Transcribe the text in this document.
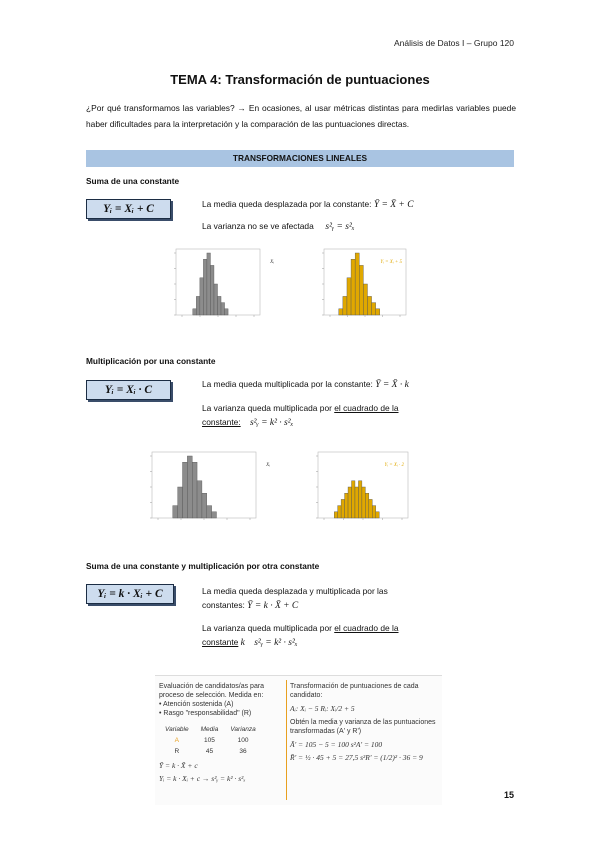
Análisis de Datos I – Grupo 120
TEMA 4: Transformación de puntuaciones
¿Por qué transformamos las variables? → En ocasiones, al usar métricas distintas para medirlas variables puede haber dificultades para la interpretación y la comparación de las puntuaciones directas.
TRANSFORMACIONES LINEALES
Suma de una constante
Yᵢ = Xᵢ + C	La media queda desplazada por la constante: Ȳ = X̄ + C
La varianza no se ve afectada s²ᵧ = s²ₓ
Xᵢ	Yᵢ = Xᵢ + 5
Multiplicación por una constante
Yᵢ = Xᵢ · C	La media queda multiplicada por la constante: Ȳ = X̄ · k
La varianza queda multiplicada por el cuadrado de la
constante: s²ᵧ = k² · s²ₓ
Xᵢ	Yᵢ = Xᵢ · 2
Suma de una constante y multiplicación por otra constante
Yᵢ = k · Xᵢ + C	La media queda desplazada y multiplicada por las
constantes: Ȳ = k · X̄ + C
La varianza queda multiplicada por el cuadrado de la
constante k s²ᵧ = k² · s²ₓ
Evaluación de candidatos/as para proceso de selección. Medida en:
• Atención sostenida (A)
• Rasgo "responsabilidad" (R)
Variable	Media	Varianza
A	105	100
R	45	36
Ȳ = k · X̄ + c
Yᵢ = k · Xᵢ + c → s²ᵧ = k² · s²ₓ
Transformación de puntuaciones de cada candidato:
Aᵢ: Xᵢ − 5 Rᵢ: Xᵢ/2 + 5
Obtén la media y varianza de las puntuaciones transformadas (A' y R')
Ā' = 105 − 5 = 100 s²A' = 100
R̄' = ½ · 45 + 5 = 27,5 s²R' = (1/2)² · 36 = 9
15
